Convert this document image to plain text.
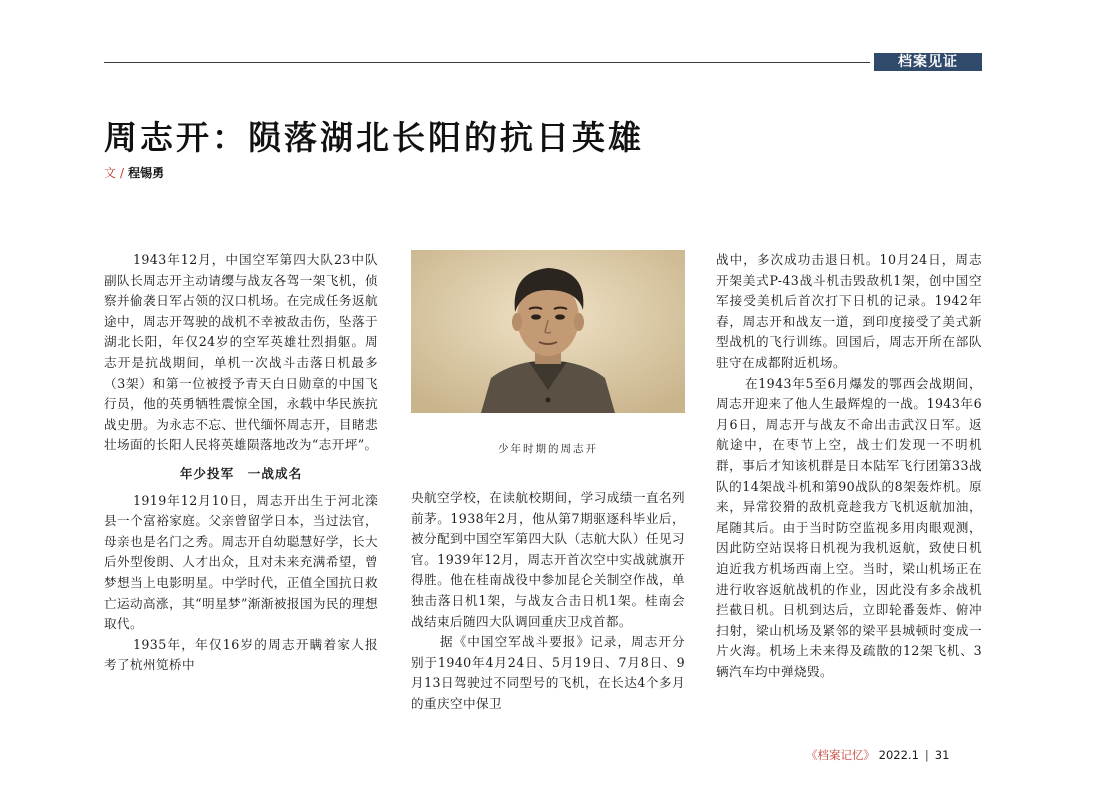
档案见证
周志开：陨落湖北长阳的抗日英雄
文 / 程锡勇

1943年12月，中国空军第四大队23中队副队长周志开主动请缨与战友各驾一架飞机，侦察并偷袭日军占领的汉口机场。在完成任务返航途中，周志开驾驶的战机不幸被敌击伤，坠落于湖北长阳，年仅24岁的空军英雄壮烈捐躯。周志开是抗战期间，单机一次战斗击落日机最多（3架）和第一位被授予青天白日勋章的中国飞行员，他的英勇牺牲震惊全国，永载中华民族抗战史册。为永志不忘、世代缅怀周志开，目睹悲壮场面的长阳人民将英雄陨落地改为“志开坪”。

年少投军　一战成名

1919年12月10日，周志开出生于河北滦县一个富裕家庭。父亲曾留学日本，当过法官，母亲也是名门之秀。周志开自幼聪慧好学，长大后外型俊朗、人才出众，且对未来充满希望，曾梦想当上电影明星。中学时代，正值全国抗日救亡运动高涨，其“明星梦”渐渐被报国为民的理想取代。

1935年，年仅16岁的周志开瞒着家人报考了杭州笕桥中

少年时期的周志开

央航空学校，在读航校期间，学习成绩一直名列前茅。1938年2月，他从第7期驱逐科毕业后，被分配到中国空军第四大队（志航大队）任见习官。1939年12月，周志开首次空中实战就旗开得胜。他在桂南战役中参加昆仑关制空作战，单独击落日机1架，与战友合击日机1架。桂南会战结束后随四大队调回重庆卫戍首都。

据《中国空军战斗要报》记录，周志开分别于1940年4月24日、5月19日、7月8日、9月13日驾驶过不同型号的飞机，在长达4个多月的重庆空中保卫

战中，多次成功击退日机。10月24日，周志开架美式P-43战斗机击毁敌机1架，创中国空军接受美机后首次打下日机的记录。1942年春，周志开和战友一道，到印度接受了美式新型战机的飞行训练。回国后，周志开所在部队驻守在成都附近机场。

在1943年5至6月爆发的鄂西会战期间，周志开迎来了他人生最辉煌的一战。1943年6月6日，周志开与战友不命出击武汉日军。返航途中，在枣节上空，战士们发现一不明机群，事后才知该机群是日本陆军飞行团第33战队的14架战斗机和第90战队的8架轰炸机。原来，异常狡猾的敌机竟趁我方飞机返航加油，尾随其后。由于当时防空监视多用肉眼观测，因此防空站误将日机视为我机返航，致使日机迫近我方机场西南上空。当时，梁山机场正在进行收容返航战机的作业，因此没有多余战机拦截日机。日机到达后，立即轮番轰炸、俯冲扫射，梁山机场及紧邻的梁平县城顿时变成一片火海。机场上未来得及疏散的12架飞机、3辆汽车均中弹烧毁。

《档案记忆》 2022.1 | 31
